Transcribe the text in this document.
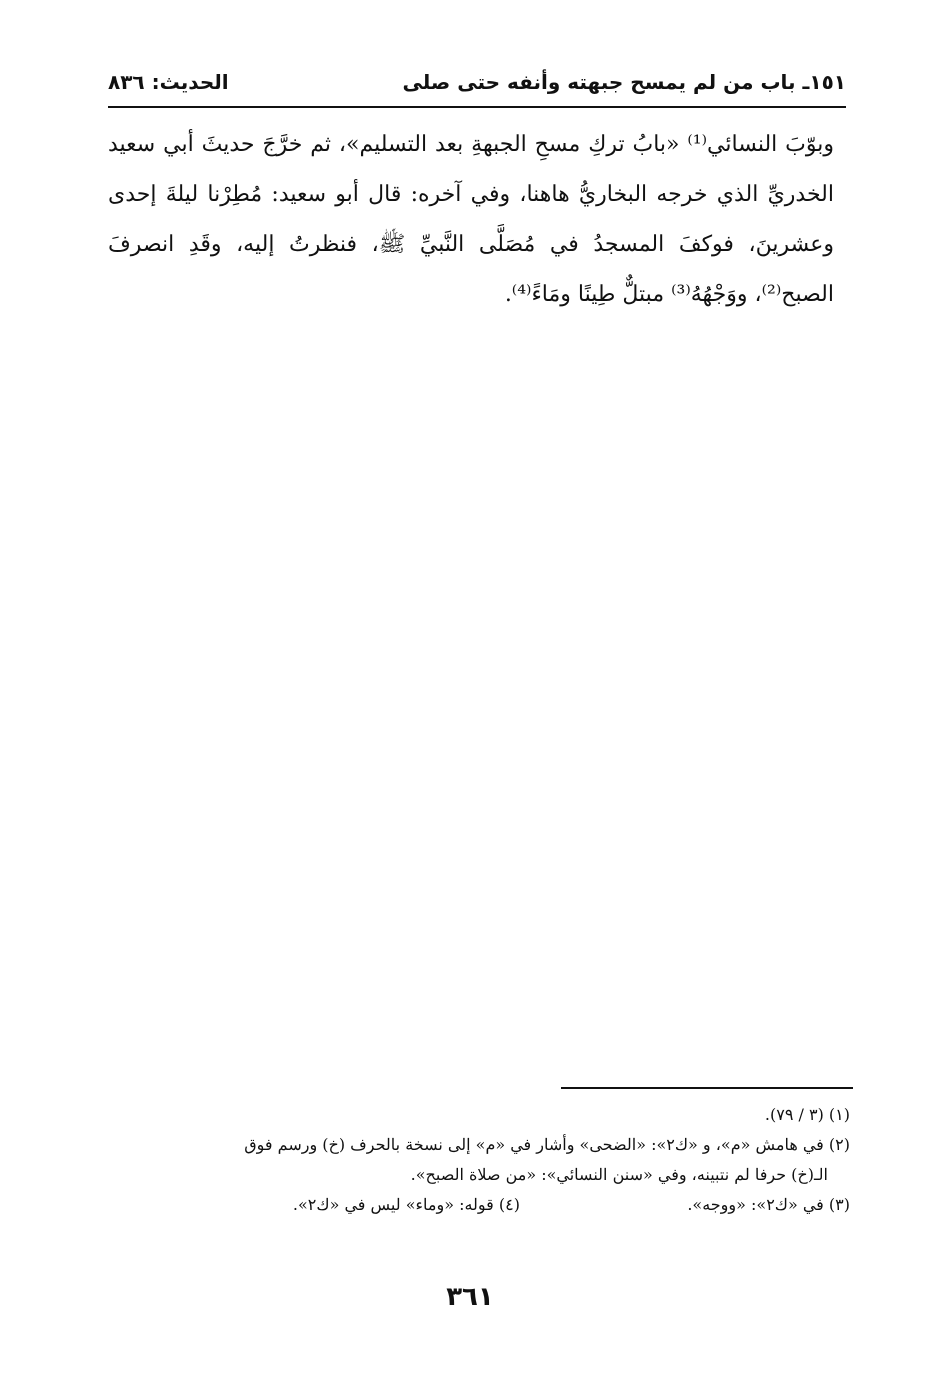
١٥١ـ باب من لم يمسح جبهته وأنفه حتى صلى
الحديث: ٨٣٦

وبوّبَ النسائي⁽¹⁾ «بابُ تركِ مسحِ الجبهةِ بعد التسليم»، ثم خرَّجَ حديثَ أبي سعيد الخدريِّ الذي خرجه البخاريُّ هاهنا، وفي آخره: قال أبو سعيد: مُطِرْنا ليلةَ إحدى وعشرينَ، فوكفَ المسجدُ في مُصَلَّى النَّبيِّ ﷺ، فنظرتُ إليه، وقَدِ انصرفَ الصبح⁽²⁾، ووَجْهُهُ⁽³⁾ مبتلٌّ طِينًا ومَاءً⁽⁴⁾.

(١) (٣ / ٧٩).

(٢) في هامش «م»، و «ك٢»: «الضحى» وأشار في «م» إلى نسخة بالحرف (خ) ورسم فوق

الـ(خ) حرفا لم نتبينه، وفي «سنن النسائي»: «من صلاة الصبح».

(٣) في «ك٢»: «ووجه».
(٤) قوله: «وماء» ليس في «ك٢».
٣٦١
